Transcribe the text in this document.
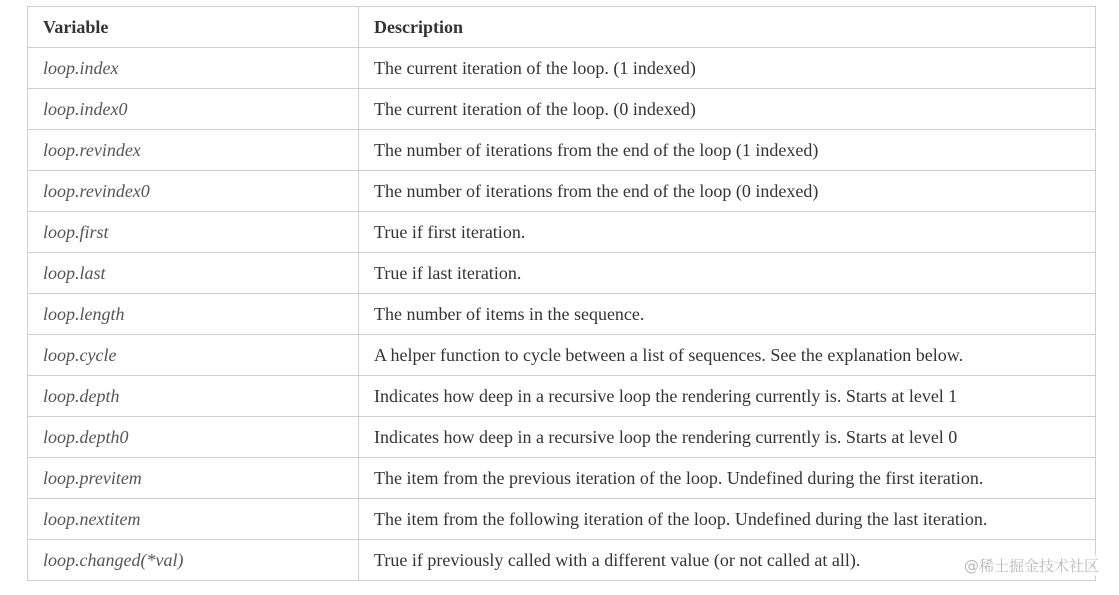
Variable	Description
loop.index	The current iteration of the loop. (1 indexed)
loop.index0	The current iteration of the loop. (0 indexed)
loop.revindex	The number of iterations from the end of the loop (1 indexed)
loop.revindex0	The number of iterations from the end of the loop (0 indexed)
loop.first	True if first iteration.
loop.last	True if last iteration.
loop.length	The number of items in the sequence.
loop.cycle	A helper function to cycle between a list of sequences. See the explanation below.
loop.depth	Indicates how deep in a recursive loop the rendering currently is. Starts at level 1
loop.depth0	Indicates how deep in a recursive loop the rendering currently is. Starts at level 0
loop.previtem	The item from the previous iteration of the loop. Undefined during the first iteration.
loop.nextitem	The item from the following iteration of the loop. Undefined during the last iteration.
loop.changed(*val)	True if previously called with a different value (or not called at all).	@稀土掘金技术社区
